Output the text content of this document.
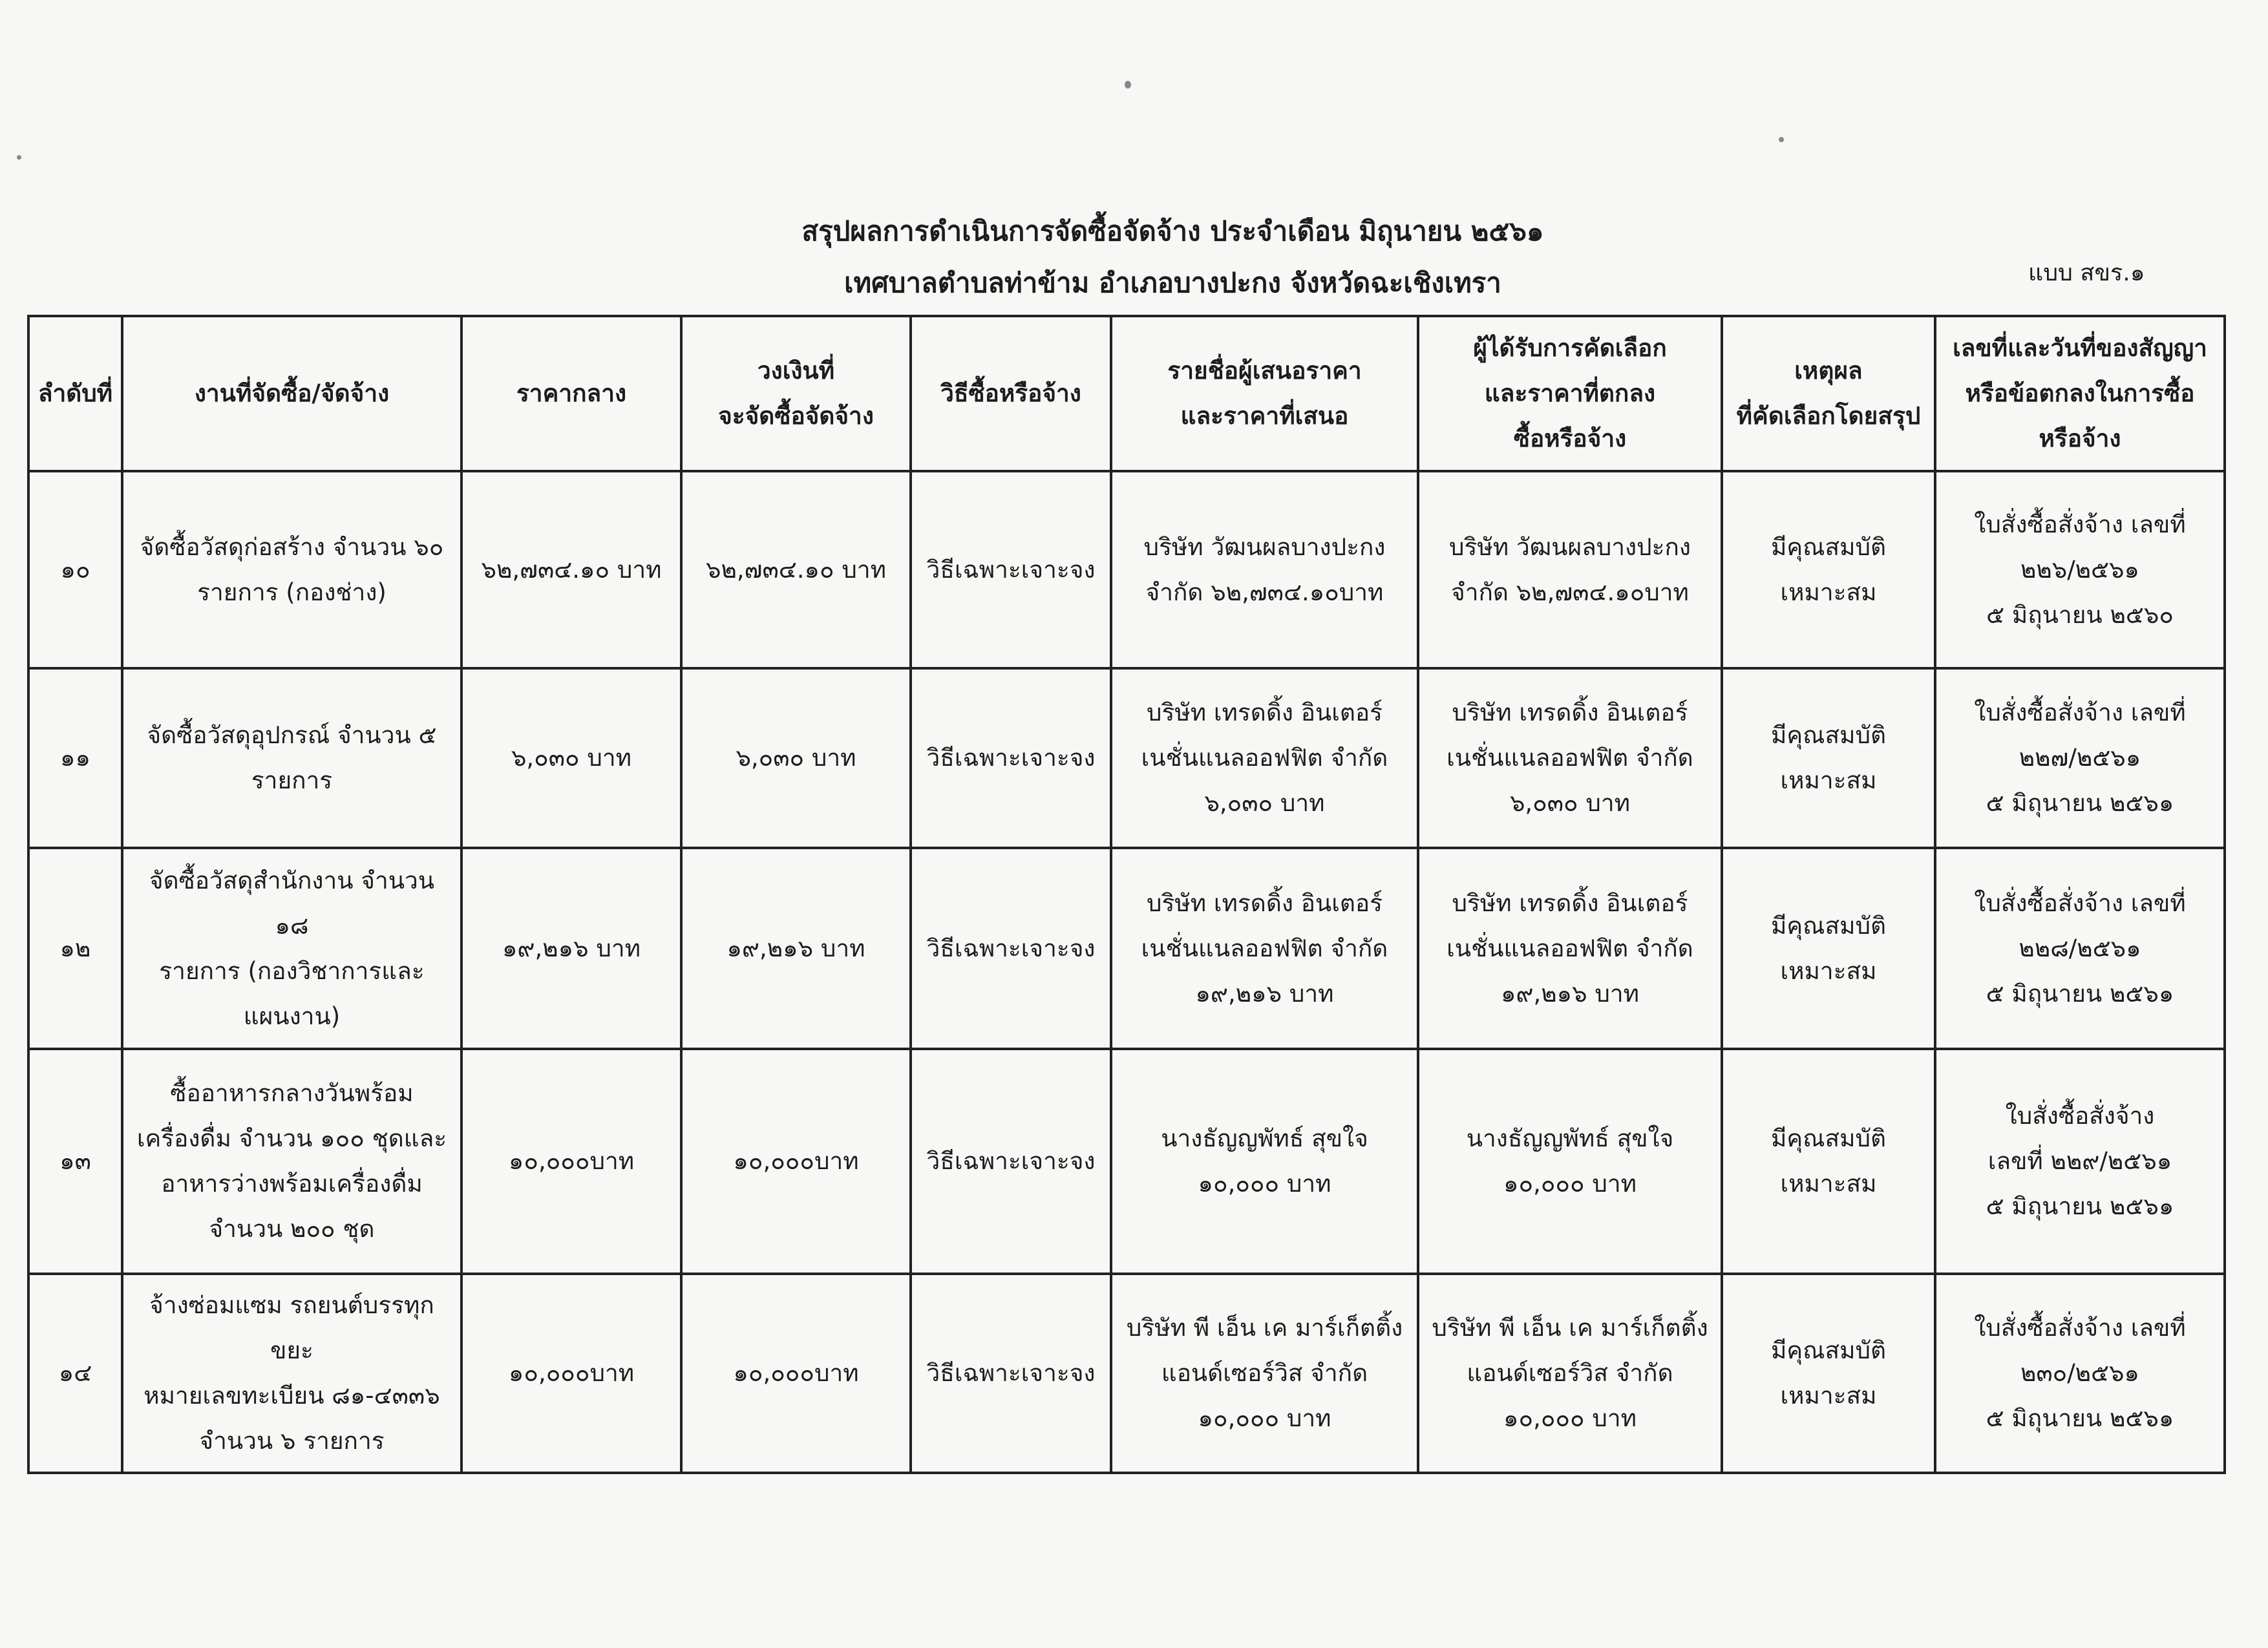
สรุปผลการดำเนินการจัดซื้อจัดจ้าง ประจำเดือน มิถุนายน ๒๕๖๑
เทศบาลตำบลท่าข้าม อำเภอบางปะกง จังหวัดฉะเชิงเทรา	แบบ สขร.๑
ลำดับที่	งานที่จัดซื้อ/จัดจ้าง	ราคากลาง	วงเงินที่
จะจัดซื้อจัดจ้าง	วิธีซื้อหรือจ้าง	รายชื่อผู้เสนอราคา
และราคาที่เสนอ	ผู้ได้รับการคัดเลือก
และราคาที่ตกลง
ซื้อหรือจ้าง	เหตุผล
ที่คัดเลือกโดยสรุป	เลขที่และวันที่ของสัญญา
หรือข้อตกลงในการซื้อ
หรือจ้าง

๑๐	จัดซื้อวัสดุก่อสร้าง จำนวน ๖๐
รายการ (กองช่าง)	๖๒,๗๓๔.๑๐ บาท	๖๒,๗๓๔.๑๐ บาท	วิธีเฉพาะเจาะจง	บริษัท วัฒนผลบางปะกง
จำกัด ๖๒,๗๓๔.๑๐บาท	บริษัท วัฒนผลบางปะกง
จำกัด ๖๒,๗๓๔.๑๐บาท	มีคุณสมบัติ
เหมาะสม	ใบสั่งซื้อสั่งจ้าง เลขที่
๒๒๖/๒๕๖๑
๕ มิถุนายน ๒๕๖๐

๑๑	จัดซื้อวัสดุอุปกรณ์ จำนวน ๕
รายการ	๖,๐๓๐ บาท	๖,๐๓๐ บาท	วิธีเฉพาะเจาะจง	บริษัท เทรดดิ้ง อินเตอร์
เนชั่นแนลออฟฟิต จำกัด
๖,๐๓๐ บาท	บริษัท เทรดดิ้ง อินเตอร์
เนชั่นแนลออฟฟิต จำกัด
๖,๐๓๐ บาท	มีคุณสมบัติ
เหมาะสม	ใบสั่งซื้อสั่งจ้าง เลขที่
๒๒๗/๒๕๖๑
๕ มิถุนายน ๒๕๖๑

๑๒	จัดซื้อวัสดุสำนักงาน จำนวน ๑๘
รายการ (กองวิชาการและ
แผนงาน)	๑๙,๒๑๖ บาท	๑๙,๒๑๖ บาท	วิธีเฉพาะเจาะจง	บริษัท เทรดดิ้ง อินเตอร์
เนชั่นแนลออฟฟิต จำกัด
๑๙,๒๑๖ บาท	บริษัท เทรดดิ้ง อินเตอร์
เนชั่นแนลออฟฟิต จำกัด
๑๙,๒๑๖ บาท	มีคุณสมบัติ
เหมาะสม	ใบสั่งซื้อสั่งจ้าง เลขที่
๒๒๘/๒๕๖๑
๕ มิถุนายน ๒๕๖๑

๑๓	ซื้ออาหารกลางวันพร้อม
เครื่องดื่ม จำนวน ๑๐๐ ชุดและ
อาหารว่างพร้อมเครื่องดื่ม
จำนวน ๒๐๐ ชุด	๑๐,๐๐๐บาท	๑๐,๐๐๐บาท	วิธีเฉพาะเจาะจง	นางธัญญพัทธ์ สุขใจ
๑๐,๐๐๐ บาท	นางธัญญพัทธ์ สุขใจ
๑๐,๐๐๐ บาท	มีคุณสมบัติ
เหมาะสม	ใบสั่งซื้อสั่งจ้าง
เลขที่ ๒๒๙/๒๕๖๑
๕ มิถุนายน ๒๕๖๑

๑๔	จ้างซ่อมแซม รถยนต์บรรทุกขยะ
หมายเลขทะเบียน ๘๑-๔๓๓๖
จำนวน ๖ รายการ	๑๐,๐๐๐บาท	๑๐,๐๐๐บาท	วิธีเฉพาะเจาะจง	บริษัท พี เอ็น เค มาร์เก็ตติ้ง
แอนด์เซอร์วิส จำกัด
๑๐,๐๐๐ บาท	บริษัท พี เอ็น เค มาร์เก็ตติ้ง
แอนด์เซอร์วิส จำกัด
๑๐,๐๐๐ บาท	มีคุณสมบัติ
เหมาะสม	ใบสั่งซื้อสั่งจ้าง เลขที่
๒๓๐/๒๕๖๑
๕ มิถุนายน ๒๕๖๑
